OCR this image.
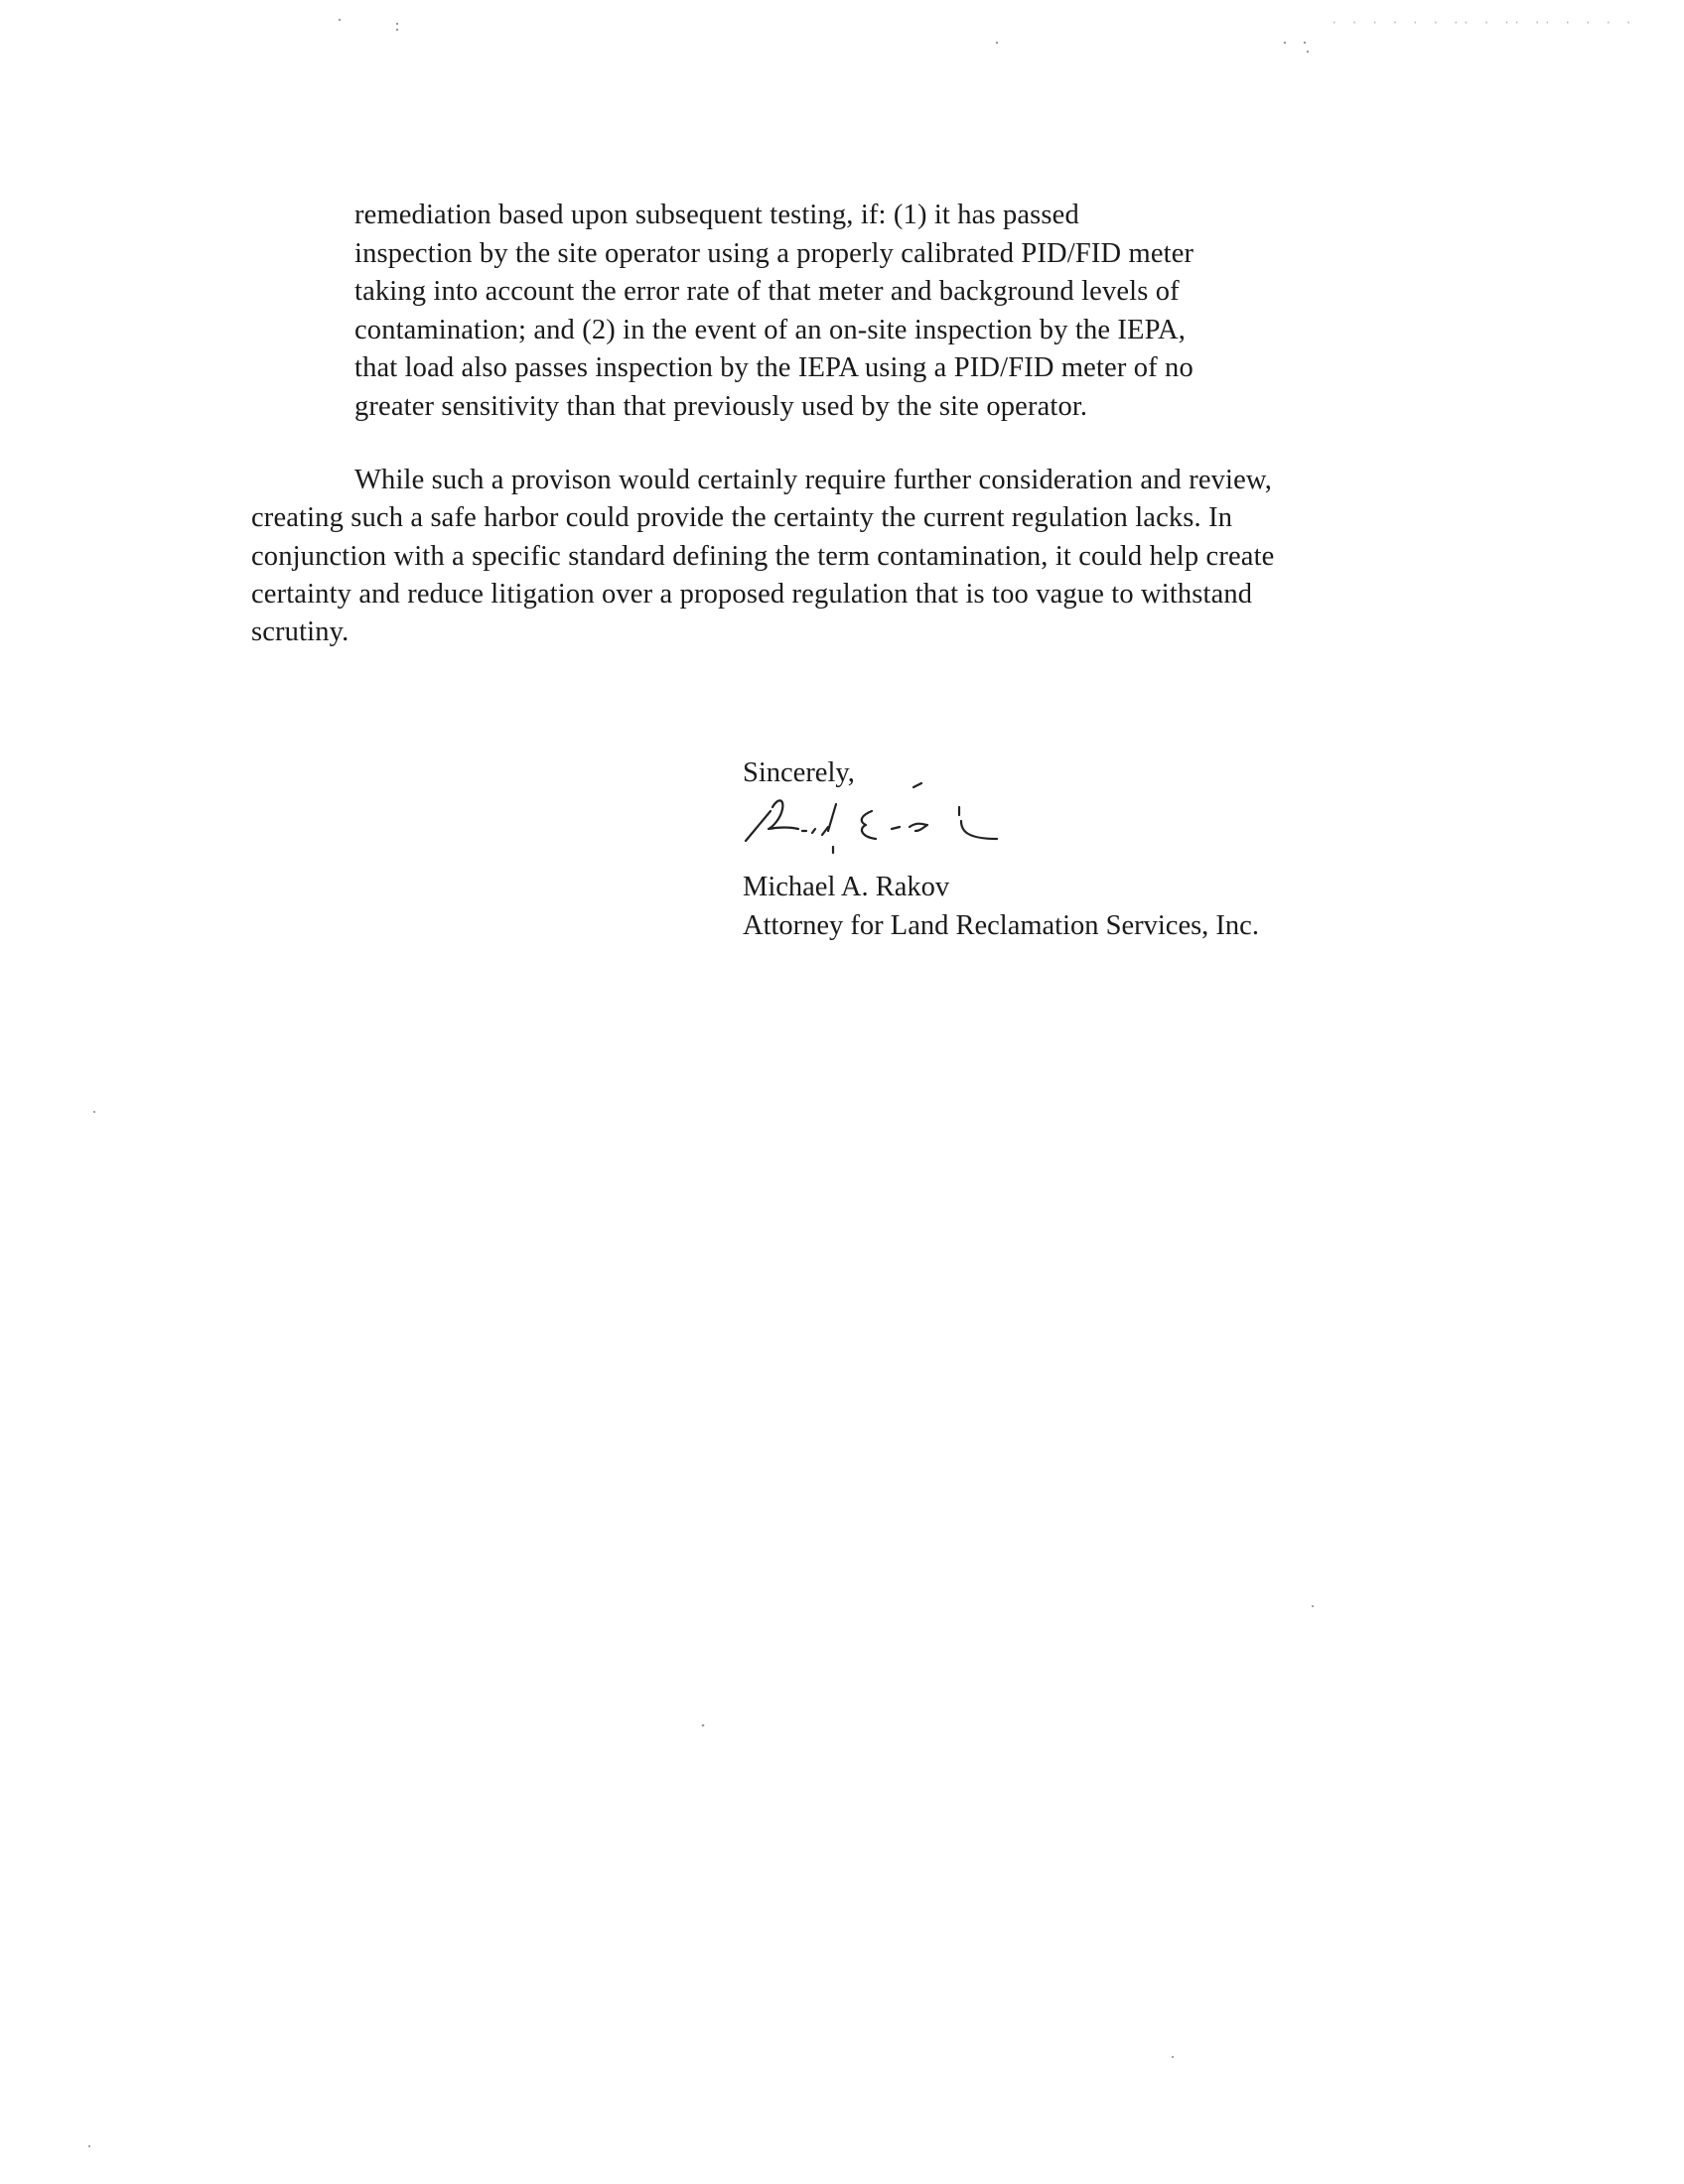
· · · · · · ·· · ·· ·· · · · ·
remediation based upon subsequent testing, if: (1) it has passed
inspection by the site operator using a properly calibrated PID/FID meter
taking into account the error rate of that meter and background levels of
contamination; and (2) in the event of an on-site inspection by the IEPA,
that load also passes inspection by the IEPA using a PID/FID meter of no
greater sensitivity than that previously used by the site operator.
While such a provison would certainly require further consideration and review,
creating such a safe harbor could provide the certainty the current regulation lacks. In
conjunction with a specific standard defining the term contamination, it could help create
certainty and reduce litigation over a proposed regulation that is too vague to withstand
scrutiny.
Sincerely,
Michael A. Rakov
Attorney for Land Reclamation Services, Inc.
